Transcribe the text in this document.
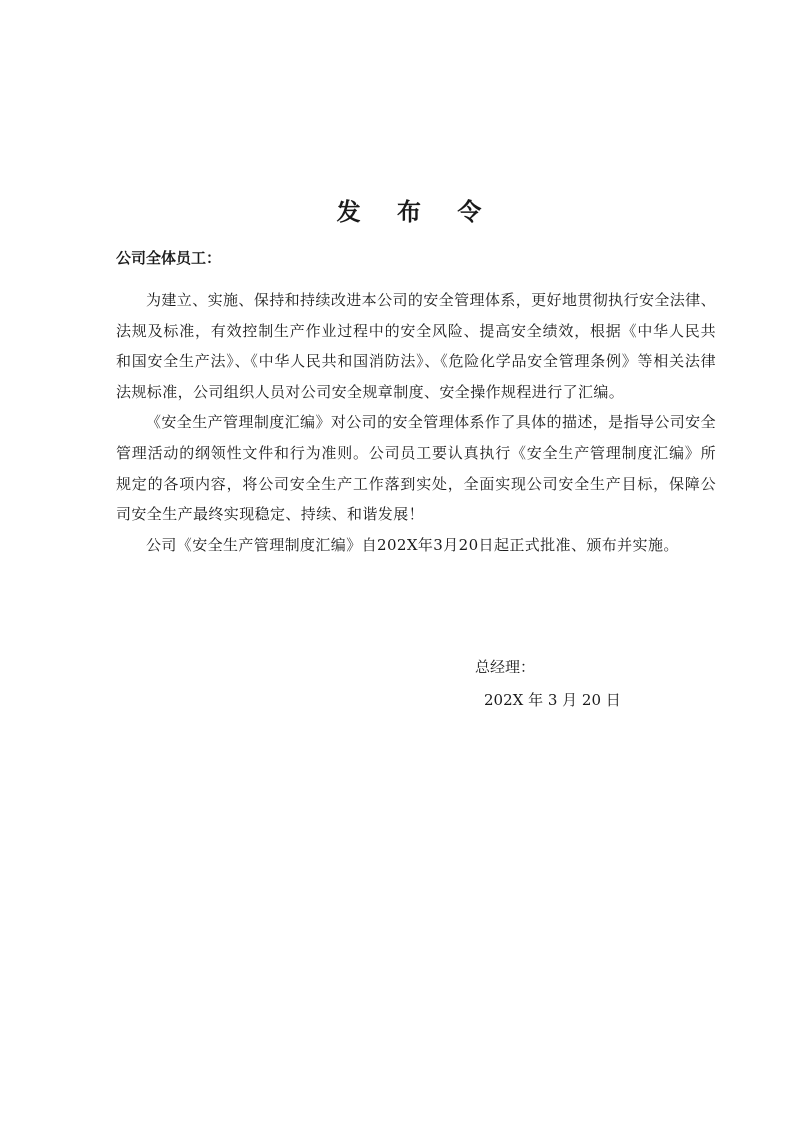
发 布 令
公司全体员工：

为建立、实施、保持和持续改进本公司的安全管理体系，更好地贯彻执行安全法律、法规及标准，有效控制生产作业过程中的安全风险、提高安全绩效，根据《中华人民共和国安全生产法》、《中华人民共和国消防法》、《危险化学品安全管理条例》等相关法律法规标准，公司组织人员对公司安全规章制度、安全操作规程进行了汇编。

《安全生产管理制度汇编》对公司的安全管理体系作了具体的描述，是指导公司安全管理活动的纲领性文件和行为准则。公司员工要认真执行《安全生产管理制度汇编》所规定的各项内容，将公司安全生产工作落到实处，全面实现公司安全生产目标，保障公司安全生产最终实现稳定、持续、和谐发展！

公司《安全生产管理制度汇编》自202X年3月20日起正式批准、颁布并实施。

总经理：
202X 年 3 月 20 日
